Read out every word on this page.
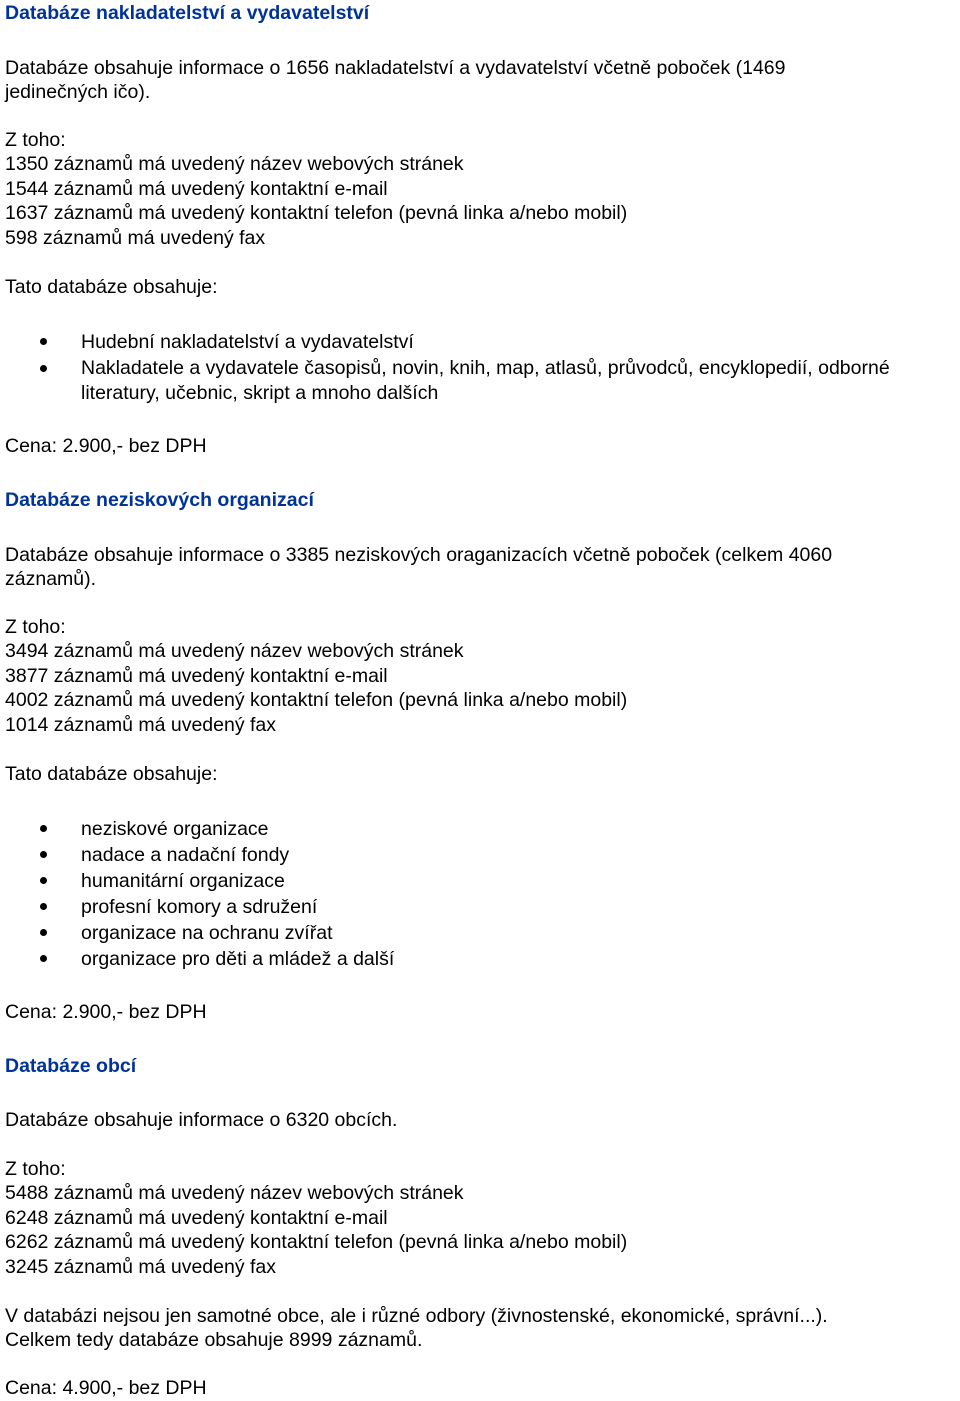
Databáze nakladatelství a vydavatelství

Databáze obsahuje informace o 1656 nakladatelství a vydavatelství včetně poboček (1469

jedinečných ičo).

Z toho:

1350 záznamů má uvedený název webových stránek

1544 záznamů má uvedený kontaktní e-mail

1637 záznamů má uvedený kontaktní telefon (pevná linka a/nebo mobil)

598 záznamů má uvedený fax

Tato databáze obsahuje:

Hudební nakladatelství a vydavatelství
Nakladatele a vydavatele časopisů, novin, knih, map, atlasů, průvodců, encyklopedií, odborné
literatury, učebnic, skript a mnoho dalších

Cena: 2.900,- bez DPH

Databáze neziskových organizací

Databáze obsahuje informace o 3385 neziskových oraganizacích včetně poboček (celkem 4060

záznamů).

Z toho:

3494 záznamů má uvedený název webových stránek

3877 záznamů má uvedený kontaktní e-mail

4002 záznamů má uvedený kontaktní telefon (pevná linka a/nebo mobil)

1014 záznamů má uvedený fax

Tato databáze obsahuje:

neziskové organizace
nadace a nadační fondy
humanitární organizace
profesní komory a sdružení
organizace na ochranu zvířat
organizace pro děti a mládež a další

Cena: 2.900,- bez DPH

Databáze obcí

Databáze obsahuje informace o 6320 obcích.

Z toho:

5488 záznamů má uvedený název webových stránek

6248 záznamů má uvedený kontaktní e-mail

6262 záznamů má uvedený kontaktní telefon (pevná linka a/nebo mobil)

3245 záznamů má uvedený fax

V databázi nejsou jen samotné obce, ale i různé odbory (živnostenské, ekonomické, správní...).

Celkem tedy databáze obsahuje 8999 záznamů.

Cena: 4.900,- bez DPH
